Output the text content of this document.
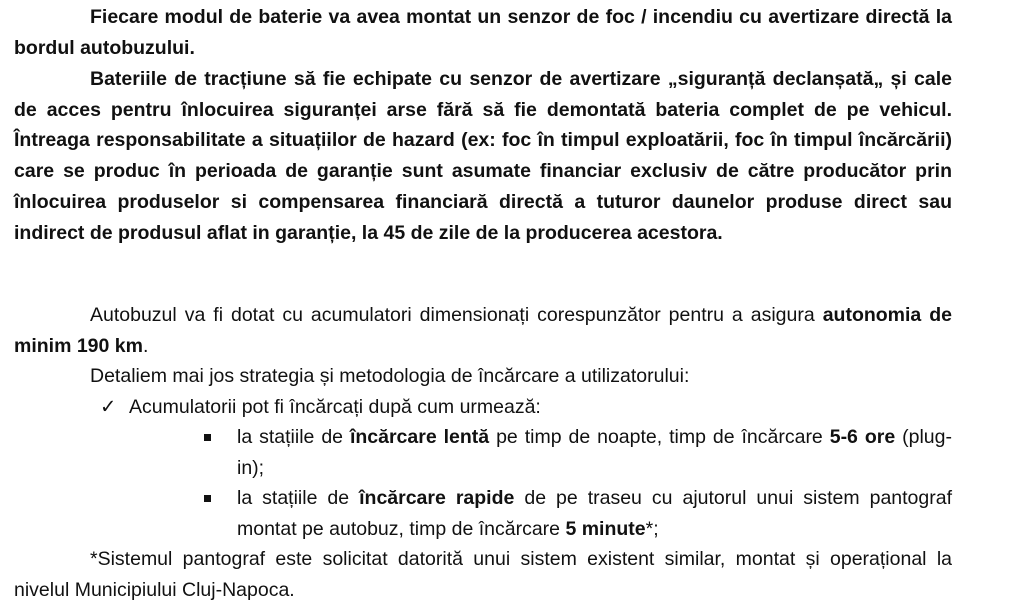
Fiecare modul de baterie va avea montat un senzor de foc / incendiu cu avertizare directă la bordul autobuzului.

Bateriile de tracțiune să fie echipate cu senzor de avertizare „siguranță declanșată„ și cale de acces pentru înlocuirea siguranței arse fără să fie demontată bateria complet de pe vehicul. Întreaga responsabilitate a situațiilor de hazard (ex: foc în timpul exploatării, foc în timpul încărcării) care se produc în perioada de garanție sunt asumate financiar exclusiv de către producător prin înlocuirea produselor si compensarea financiară directă a tuturor daunelor produse direct sau indirect de produsul aflat in garanție, la 45 de zile de la producerea acestora.

Autobuzul va fi dotat cu acumulatori dimensionați corespunzător pentru a asigura autonomia de minim 190 km.

Detaliem mai jos strategia și metodologia de încărcare a utilizatorului:

✓ Acumulatorii pot fi încărcați după cum urmează:

la stațiile de încărcare lentă pe timp de noapte, timp de încărcare 5-6 ore (plug-in);

la stațiile de încărcare rapide de pe traseu cu ajutorul unui sistem pantograf montat pe autobuz, timp de încărcare 5 minute*;

*Sistemul pantograf este solicitat datorită unui sistem existent similar, montat și operațional la nivelul Municipiului Cluj-Napoca.
